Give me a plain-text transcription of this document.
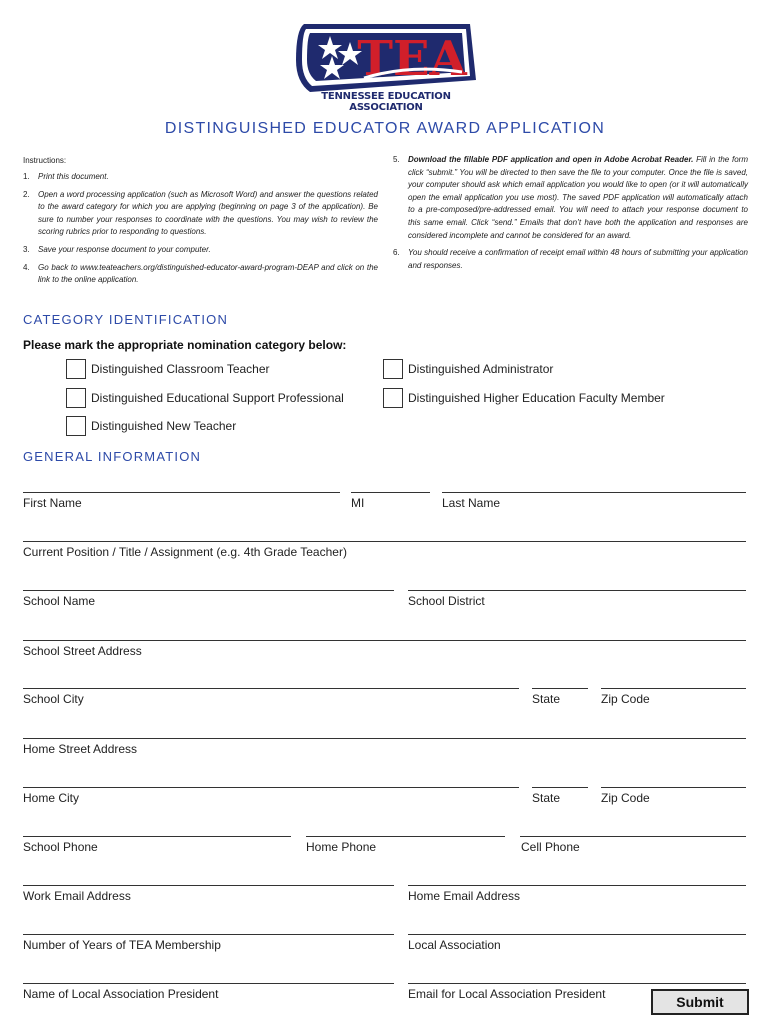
TEA
TENNESSEE EDUCATION ASSOCIATION
DISTINGUISHED EDUCATOR AWARD APPLICATION
Instructions:
1.	Print this document.
2.	Open a word processing application (such as Microsoft Word) and answer the questions related to the award category for which you are applying (beginning on page 3 of the application). Be sure to number your responses to coordinate with the questions. You may wish to review the scoring rubrics prior to responding to questions.
3.	Save your response document to your computer.
4.	Go back to www.teateachers.org/distinguished-educator-award-program-DEAP and click on the link to the online application.
5.	Download the fillable PDF application and open in Adobe Acrobat Reader. Fill in the form click “submit.” You will be directed to then save the file to your computer. Once the file is saved, your computer should ask which email application you would like to open (or it will automatically open the email application you use most). The saved PDF application will automatically attach to a pre-composed/pre-addressed email. You will need to attach your response document to this same email. Click “send.” Emails that don’t have both the application and responses are considered incomplete and cannot be considered for an award.
6.	You should receive a confirmation of receipt email within 48 hours of submitting your application and responses.
CATEGORY IDENTIFICATION
Please mark the appropriate nomination category below:
Distinguished Classroom Teacher	Distinguished Administrator
Distinguished Educational Support Professional	Distinguished Higher Education Faculty Member
Distinguished New Teacher
GENERAL INFORMATION
First Name	MI	Last Name
Current Position / Title / Assignment (e.g. 4th Grade Teacher)
School Name	School District
School Street Address
School City	State	Zip Code
Home Street Address
Home City	State	Zip Code
School Phone	Home Phone	Cell Phone
Work Email Address	Home Email Address
Number of Years of TEA Membership	Local Association
Name of Local Association President	Email for Local Association President	Submit
